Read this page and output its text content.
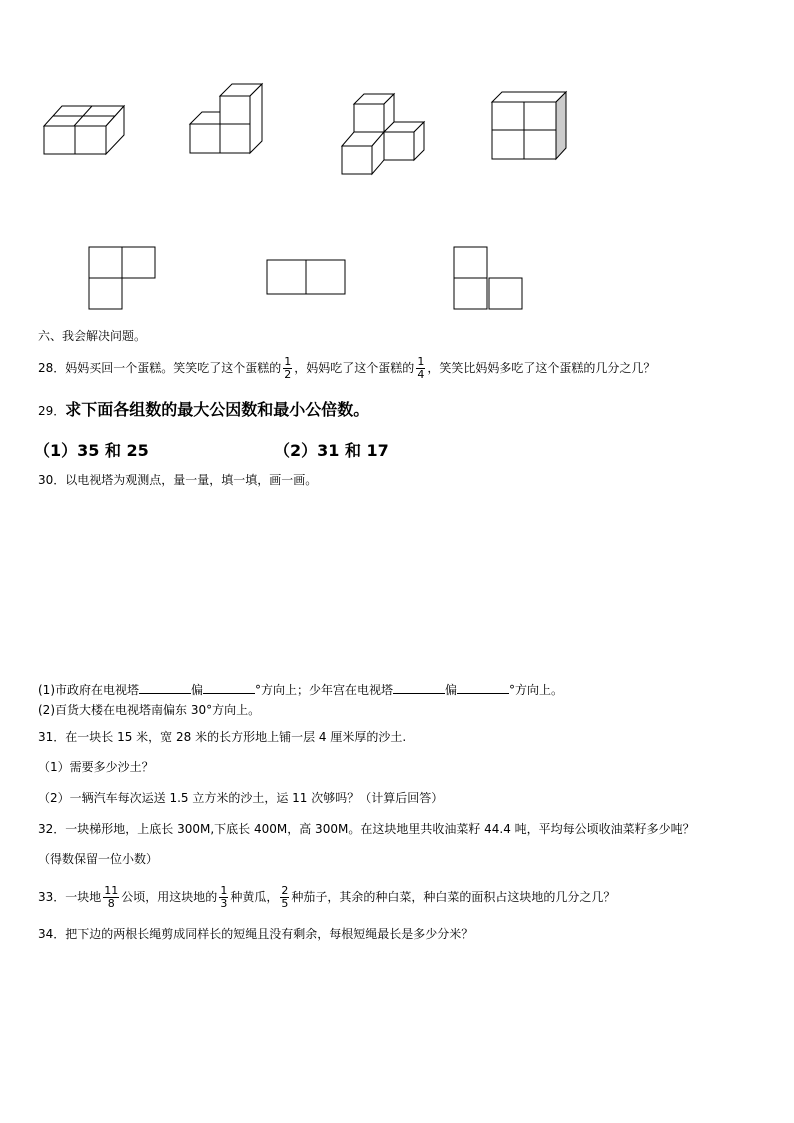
六、我会解决问题。
28．妈妈买回一个蛋糕。笑笑吃了这个蛋糕的 $\frac{1}{2}$ ，妈妈吃了这个蛋糕的 $\frac{1}{4}$ ，笑笑比妈妈多吃了这个蛋糕的几分之几？
29．求下面各组数的最大公因数和最小公倍数。
（1）35 和 25	（2）31 和 17
30．以电视塔为观测点，量一量，填一填，画一画。
(1)市政府在电视塔	偏	°方向上；少年宫在电视塔	偏	°方向上。
(2)百货大楼在电视塔南偏东 30°方向上。
31．在一块长 15 米，宽 28 米的长方形地上铺一层 4 厘米厚的沙土.
（1）需要多少沙土？
（2）一辆汽车每次运送 1.5 立方米的沙土，运 11 次够吗？（计算后回答）
32．一块梯形地，上底长 300M,下底长 400M，高 300M。在这块地里共收油菜籽 44.4 吨，平均每公顷收油菜籽多少吨？
（得数保留一位小数）
33．一块地 $\frac{11}{8}$ 公顷，用这块地的 $\frac{1}{3}$ 种黄瓜， $\frac{2}{5}$ 种茄子，其余的种白菜，种白菜的面积占这块地的几分之几？
34．把下边的两根长绳剪成同样长的短绳且没有剩余，每根短绳最长是多少分米？
